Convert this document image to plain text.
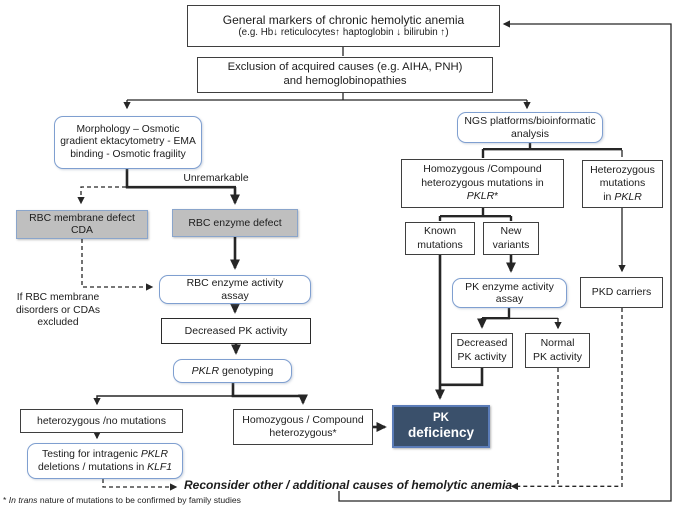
General markers of chronic hemolytic anemia
(e.g. Hb↓ reticulocytes↑ haptoglobin ↓ bilirubin ↑)
Exclusion of acquired causes (e.g. AIHA, PNH)
and hemoglobinopathies
Morphology – Osmotic
gradient ektacytometry - EMA
binding - Osmotic fragility
Unremarkable
RBC membrane defect
CDA
RBC enzyme defect
If RBC membrane
disorders or CDAs
excluded
RBC enzyme activity
assay
Decreased PK activity
PKLR genotyping
heterozygous /no mutations
Testing for intragenic PKLR
deletions / mutations in KLF1
Homozygous / Compound
heterozygous*
PK
deficiency
NGS platforms/bioinformatic
analysis
Homozygous /Compound
heterozygous mutations in
PKLR*
Heterozygous
mutations
in PKLR
Known
mutations
New
variants
PK enzyme activity
assay
PKD carriers
Decreased
PK activity
Normal
PK activity
Reconsider other / additional causes of hemolytic anemia
* In trans nature of mutations to be confirmed by family studies
